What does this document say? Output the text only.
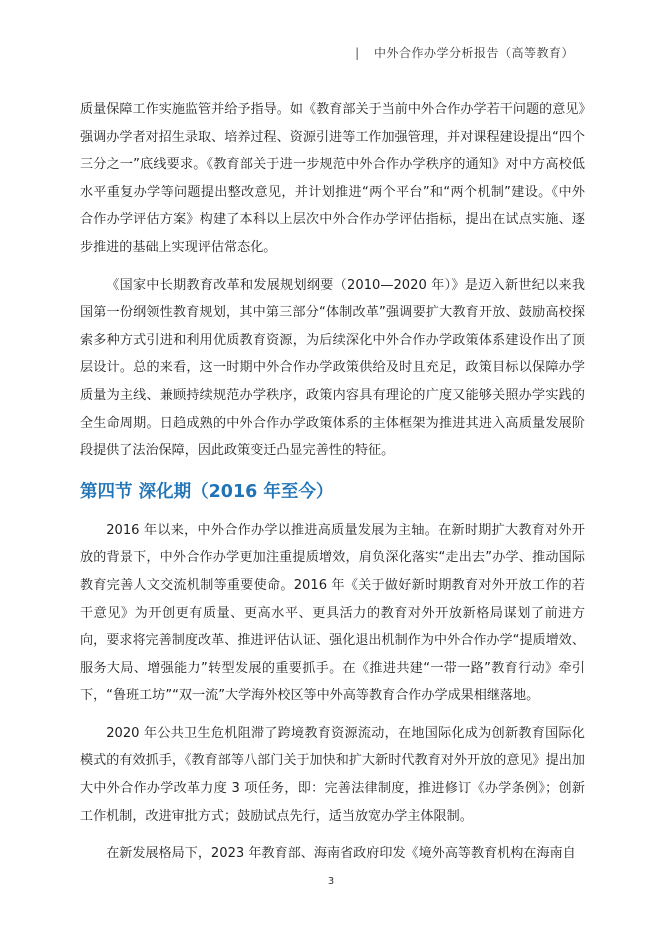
| 中外合作办学分析报告（高等教育）

质量保障工作实施监管并给予指导。如《教育部关于当前中外合作办学若干问题的意见》强调办学者对招生录取、培养过程、资源引进等工作加强管理，并对课程建设提出“四个三分之一”底线要求。《教育部关于进一步规范中外合作办学秩序的通知》对中方高校低水平重复办学等问题提出整改意见，并计划推进“两个平台”和“两个机制”建设。《中外合作办学评估方案》构建了本科以上层次中外合作办学评估指标，提出在试点实施、逐步推进的基础上实现评估常态化。

《国家中长期教育改革和发展规划纲要（2010—2020 年）》是迈入新世纪以来我国第一份纲领性教育规划，其中第三部分“体制改革”强调要扩大教育开放、鼓励高校探索多种方式引进和利用优质教育资源，为后续深化中外合作办学政策体系建设作出了顶层设计。总的来看，这一时期中外合作办学政策供给及时且充足，政策目标以保障办学质量为主线、兼顾持续规范办学秩序，政策内容具有理论的广度又能够关照办学实践的全生命周期。日趋成熟的中外合作办学政策体系的主体框架为推进其进入高质量发展阶段提供了法治保障，因此政策变迁凸显完善性的特征。

第四节 深化期（2016 年至今）

2016 年以来，中外合作办学以推进高质量发展为主轴。在新时期扩大教育对外开放的背景下，中外合作办学更加注重提质增效，肩负深化落实“走出去”办学、推动国际教育完善人文交流机制等重要使命。2016 年《关于做好新时期教育对外开放工作的若干意见》为开创更有质量、更高水平、更具活力的教育对外开放新格局谋划了前进方向，要求将完善制度改革、推进评估认证、强化退出机制作为中外合作办学“提质增效、服务大局、增强能力”转型发展的重要抓手。在《推进共建“一带一路”教育行动》牵引下，“鲁班工坊”“双一流”大学海外校区等中外高等教育合作办学成果相继落地。

2020 年公共卫生危机阻滞了跨境教育资源流动，在地国际化成为创新教育国际化模式的有效抓手，《教育部等八部门关于加快和扩大新时代教育对外开放的意见》提出加大中外合作办学改革力度 3 项任务，即：完善法律制度，推进修订《办学条例》；创新工作机制，改进审批方式；鼓励试点先行，适当放宽办学主体限制。

在新发展格局下，2023 年教育部、海南省政府印发《境外高等教育机构在海南自

3
